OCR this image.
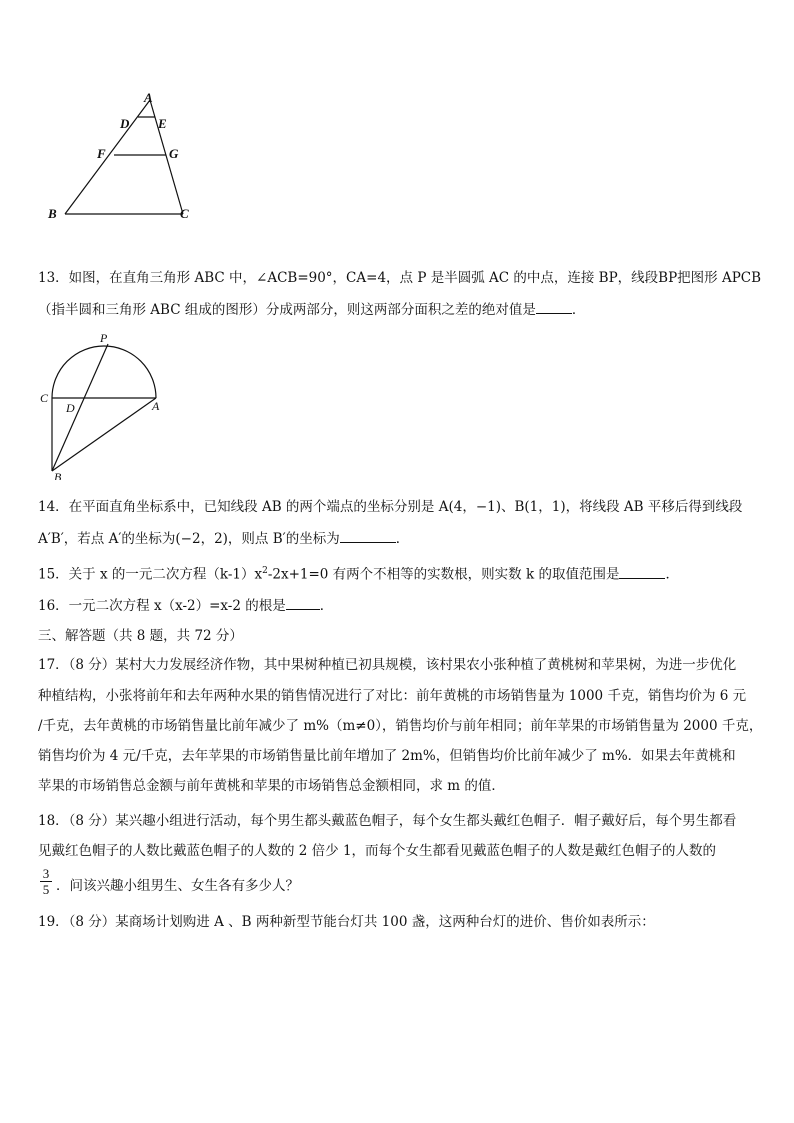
A
D E
F	G
B	C
13．如图，在直角三角形 ABC 中，∠ACB=90°，CA=4，点 P 是半圆弧 AC 的中点，连接 BP，线段BP把图形 APCB
（指半圆和三角形 ABC 组成的图形）分成两部分，则这两部分面积之差的绝对值是	．
P
C
D	A
B
14．在平面直角坐标系中，已知线段 AB 的两个端点的坐标分别是 A(4，−1)、B(1，1)，将线段 AB 平移后得到线段
A′B′，若点 A′的坐标为(−2，2)，则点 B′的坐标为	．
15．关于 x 的一元二次方程$(k-1)x^2-2x+1=0$ 有两个不相等的实数根，则实数 k 的取值范围是	．
16．一元二次方程 x（x-2）=x-2 的根是	．
三、解答题（共 8 题，共 72 分）
17．（8 分）某村大力发展经济作物，其中果树种植已初具规模，该村果农小张种植了黄桃树和苹果树，为进一步优化
种植结构，小张将前年和去年两种水果的销售情况进行了对比：前年黄桃的市场销售量为 1000 千克，销售均价为 6 元
/千克，去年黄桃的市场销售量比前年减少了 m%（m≠0），销售均价与前年相同；前年苹果的市场销售量为 2000 千克，
销售均价为 4 元/千克，去年苹果的市场销售量比前年增加了 2m%，但销售均价比前年减少了 m%．如果去年黄桃和
苹果的市场销售总金额与前年黄桃和苹果的市场销售总金额相同，求 m 的值．
18．（8 分）某兴趣小组进行活动，每个男生都头戴蓝色帽子，每个女生都头戴红色帽子．帽子戴好后，每个男生都看
见戴红色帽子的人数比戴蓝色帽子的人数的 2 倍少 1，而每个女生都看见戴蓝色帽子的人数是戴红色帽子的人数的
$\frac{3}{5}$ ．问该兴趣小组男生、女生各有多少人？
19．（8 分）某商场计划购进 A 、B 两种新型节能台灯共 100 盏，这两种台灯的进价、售价如表所示：
